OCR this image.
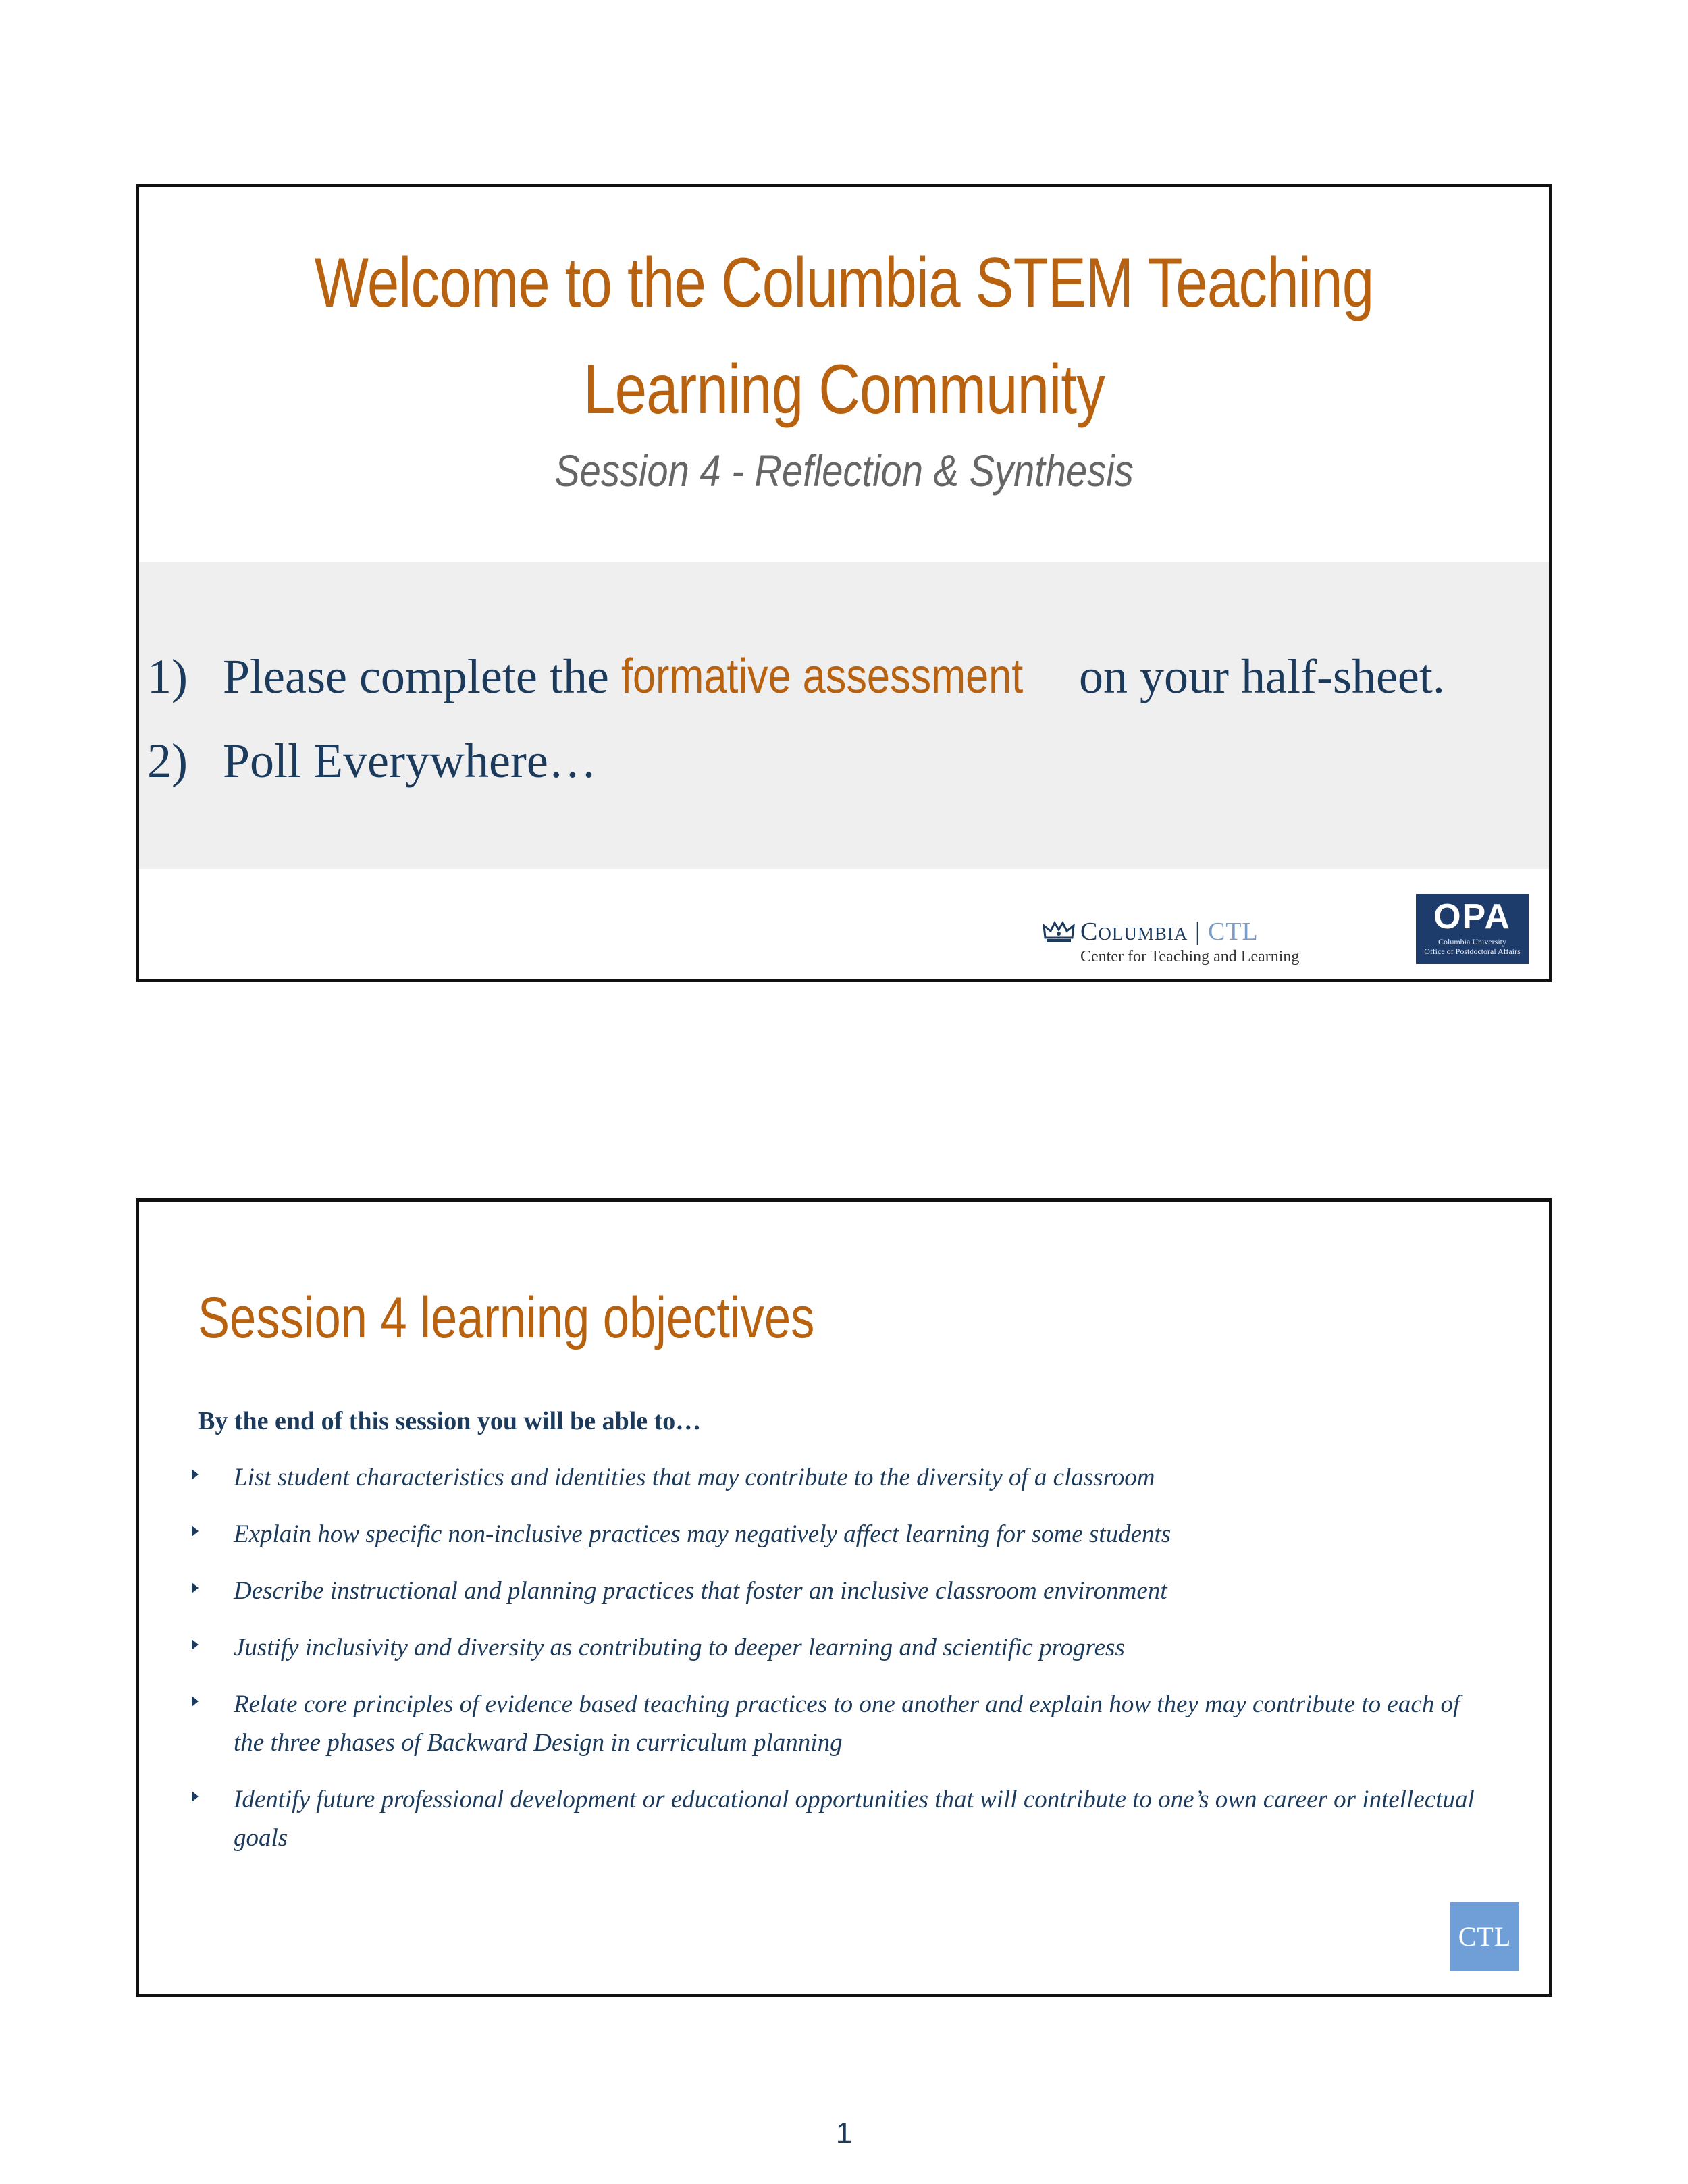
Welcome to the Columbia STEM Teaching
Learning Community
Session 4 - Reflection & Synthesis
1) Please complete the formative assessment on your half-sheet.
2) Poll Everywhere…
Columbia | CTL
Center for Teaching and Learning
OPA
Columbia University
Office of Postdoctoral Affairs
Session 4 learning objectives
By the end of this session you will be able to…
List student characteristics and identities that may contribute to the diversity of a classroom
Explain how specific non-inclusive practices may negatively affect learning for some students
Describe instructional and planning practices that foster an inclusive classroom environment
Justify inclusivity and diversity as contributing to deeper learning and scientific progress
Relate core principles of evidence based teaching practices to one another and explain how they may contribute to each of the three phases of Backward Design in curriculum planning
Identify future professional development or educational opportunities that will contribute to one’s own career or intellectual goals
CTL
1
